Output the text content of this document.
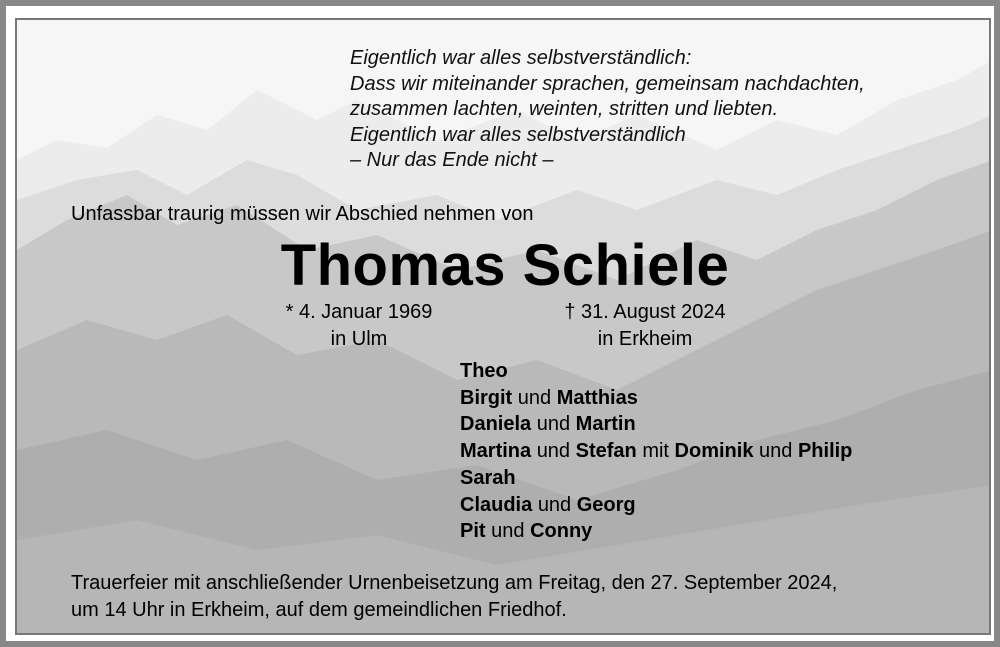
Eigentlich war alles selbstverständlich:
Dass wir miteinander sprachen, gemeinsam nachdachten,
zusammen lachten, weinten, stritten und liebten.
Eigentlich war alles selbstverständlich
– Nur das Ende nicht –
Unfassbar traurig müssen wir Abschied nehmen von
Thomas Schiele
* 4. Januar 1969
in Ulm
† 31. August 2024
in Erkheim
Theo
Birgit und Matthias
Daniela und Martin
Martina und Stefan mit Dominik und Philip
Sarah
Claudia und Georg
Pit und Conny
Trauerfeier mit anschließender Urnenbeisetzung am Freitag, den 27. September 2024,
um 14 Uhr in Erkheim, auf dem gemeindlichen Friedhof.
